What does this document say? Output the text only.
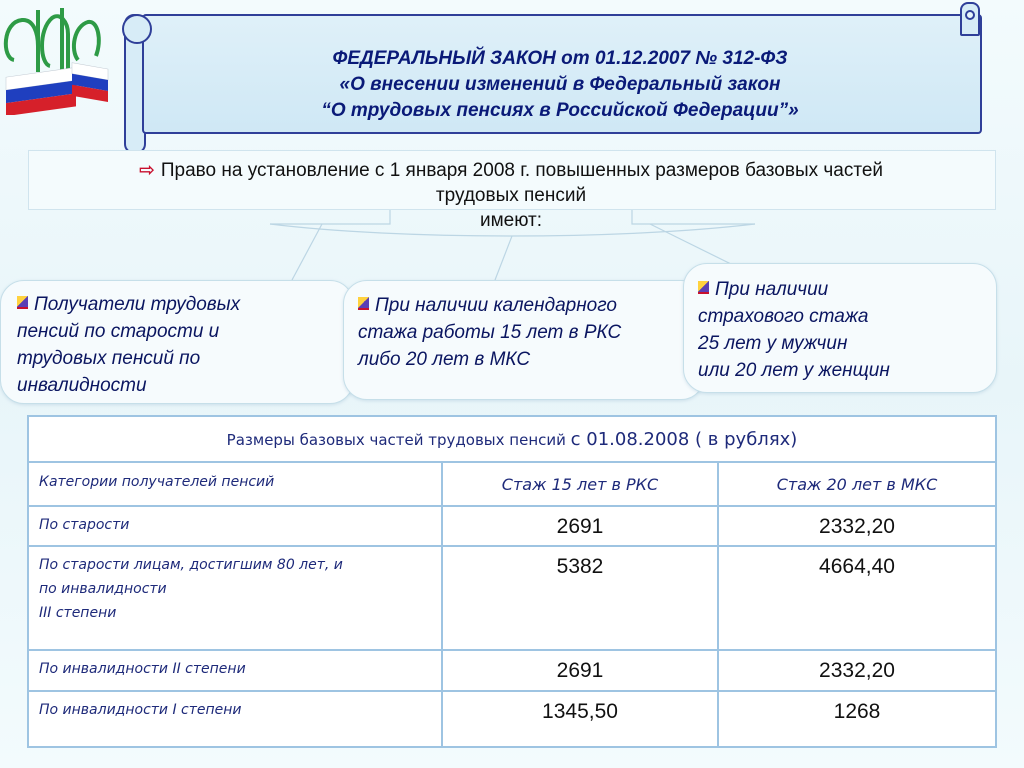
ФЕДЕРАЛЬНЫЙ ЗАКОН от 01.12.2007 № 312-ФЗ
«О внесении изменений в Федеральный закон
“О трудовых пенсиях в Российской Федерации”»
⇨ Право на установление с 1 января 2008 г. повышенных размеров базовых частей
трудовых пенсий
имеют:
Получатели трудовых
пенсий по старости и
трудовых пенсий по
инвалидности
При наличии календарного
стажа работы 15 лет в РКС
либо 20 лет в МКС
При наличии
страхового стажа
25 лет у мужчин
или 20 лет у женщин
Размеры базовых частей трудовых пенсий с 01.08.2008 ( в рублях)		
Категории получателей пенсий	Стаж 15 лет в РКС	Стаж 20 лет в МКС

По старости	2691	2332,20

По старости лицам, достигшим 80 лет, и
по инвалидности
III степени	5382	4664,40

По инвалидности II степени	2691	2332,20

По инвалидности I степени	1345,50	1268
